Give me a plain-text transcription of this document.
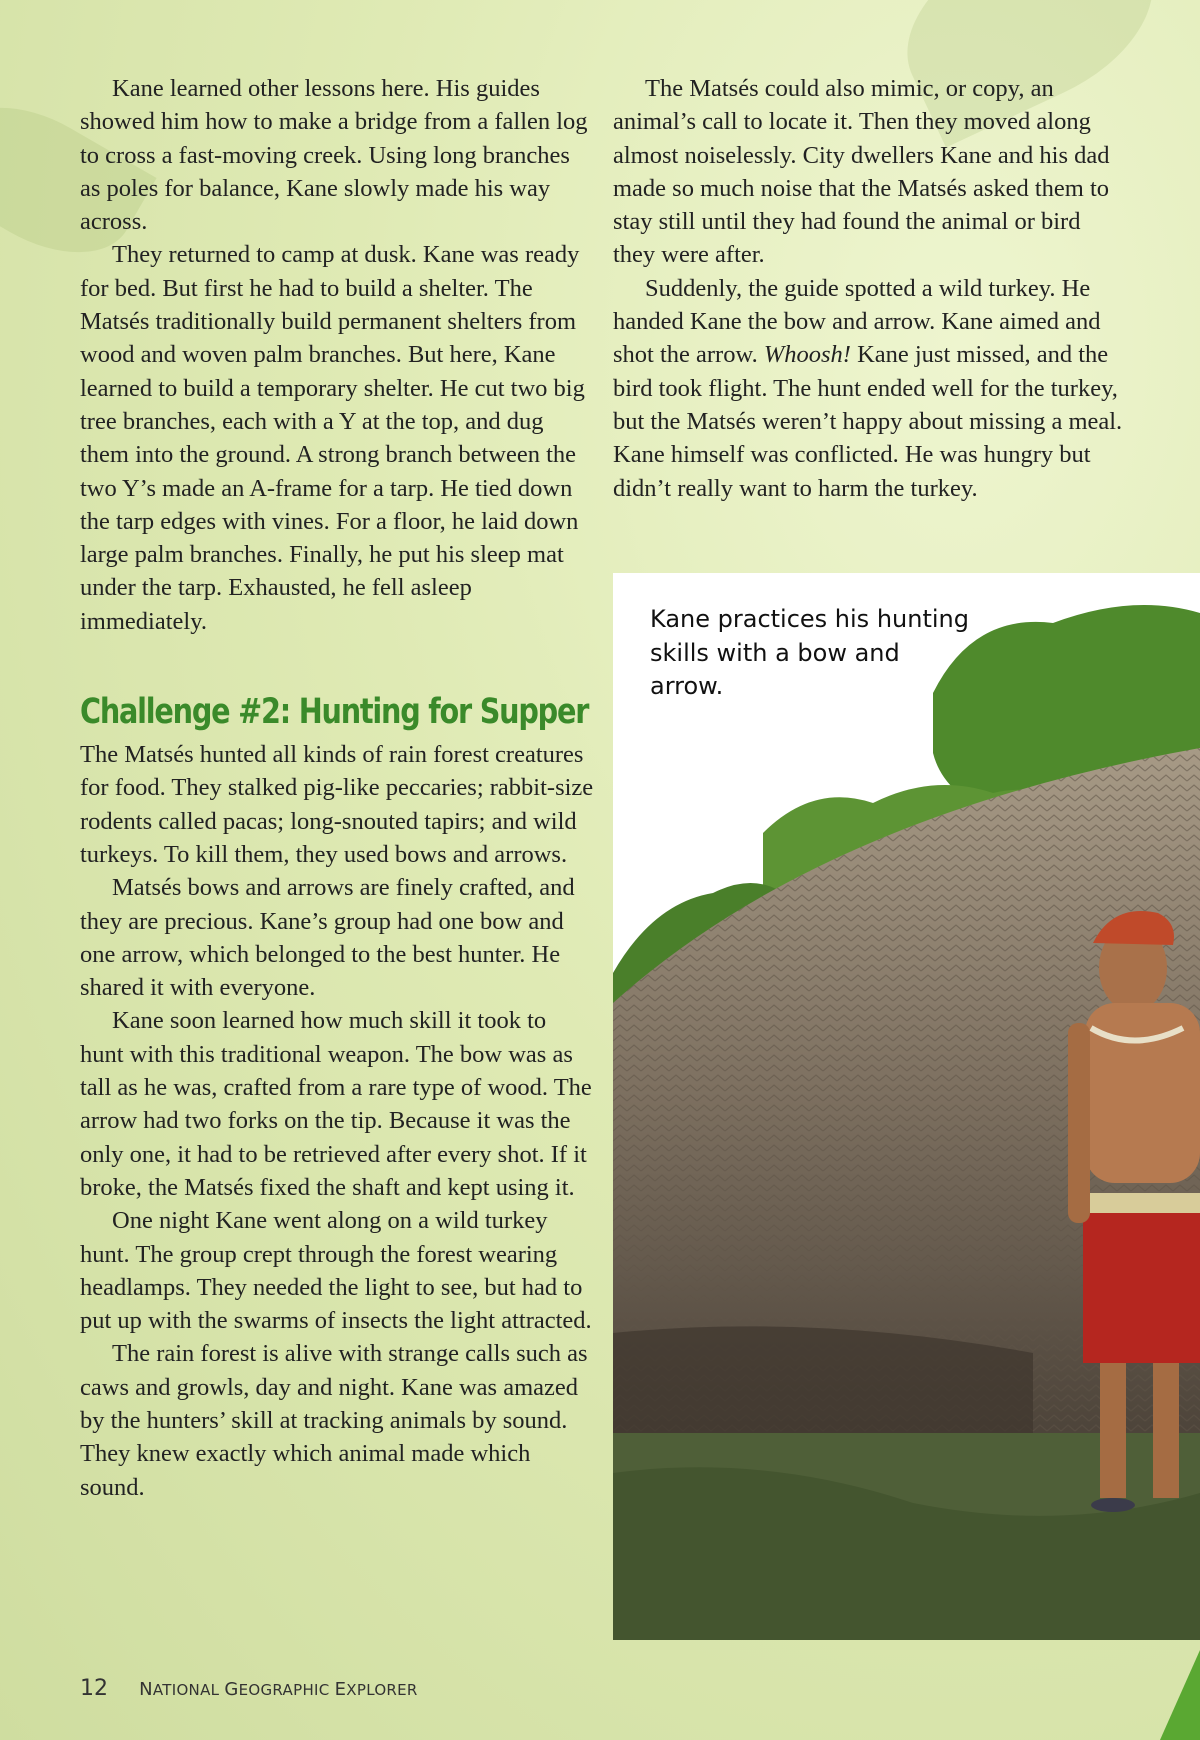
Kane learned other lessons here. His guides showed him how to make a bridge from a fallen log to cross a fast-moving creek. Using long branches as poles for balance, Kane slowly made his way across.

They returned to camp at dusk. Kane was ready for bed. But first he had to build a shelter. The Matsés traditionally build permanent shelters from wood and woven palm branches. But here, Kane learned to build a temporary shelter. He cut two big tree branches, each with a Y at the top, and dug them into the ground. A strong branch between the two Y’s made an A-frame for a tarp. He tied down the tarp edges with vines. For a floor, he laid down large palm branches. Finally, he put his sleep mat under the tarp. Exhausted, he fell asleep immediately.

Challenge #2: Hunting for Supper

The Matsés hunted all kinds of rain forest creatures for food. They stalked pig-like peccaries; rabbit-size rodents called pacas; long-snouted tapirs; and wild turkeys. To kill them, they used bows and arrows.

Matsés bows and arrows are finely crafted, and they are precious. Kane’s group had one bow and one arrow, which belonged to the best hunter. He shared it with everyone.

Kane soon learned how much skill it took to hunt with this traditional weapon. The bow was as tall as he was, crafted from a rare type of wood. The arrow had two forks on the tip. Because it was the only one, it had to be retrieved after every shot. If it broke, the Matsés fixed the shaft and kept using it.

One night Kane went along on a wild turkey hunt. The group crept through the forest wearing headlamps. They needed the light to see, but had to put up with the swarms of insects the light attracted.

The rain forest is alive with strange calls such as caws and growls, day and night. Kane was amazed by the hunters’ skill at tracking animals by sound. They knew exactly which animal made which sound.

The Matsés could also mimic, or copy, an animal’s call to locate it. Then they moved along almost noiselessly. City dwellers Kane and his dad made so much noise that the Matsés asked them to stay still until they had found the animal or bird they were after.

Suddenly, the guide spotted a wild turkey. He handed Kane the bow and arrow. Kane aimed and shot the arrow. Whoosh! Kane just missed, and the bird took flight. The hunt ended well for the turkey, but the Matsés weren’t happy about missing a meal. Kane himself was conflicted. He was hungry but didn’t really want to harm the turkey.

Kane practices his hunting skills with a bow and arrow.
12 NATIONAL GEOGRAPHIC EXPLORER
